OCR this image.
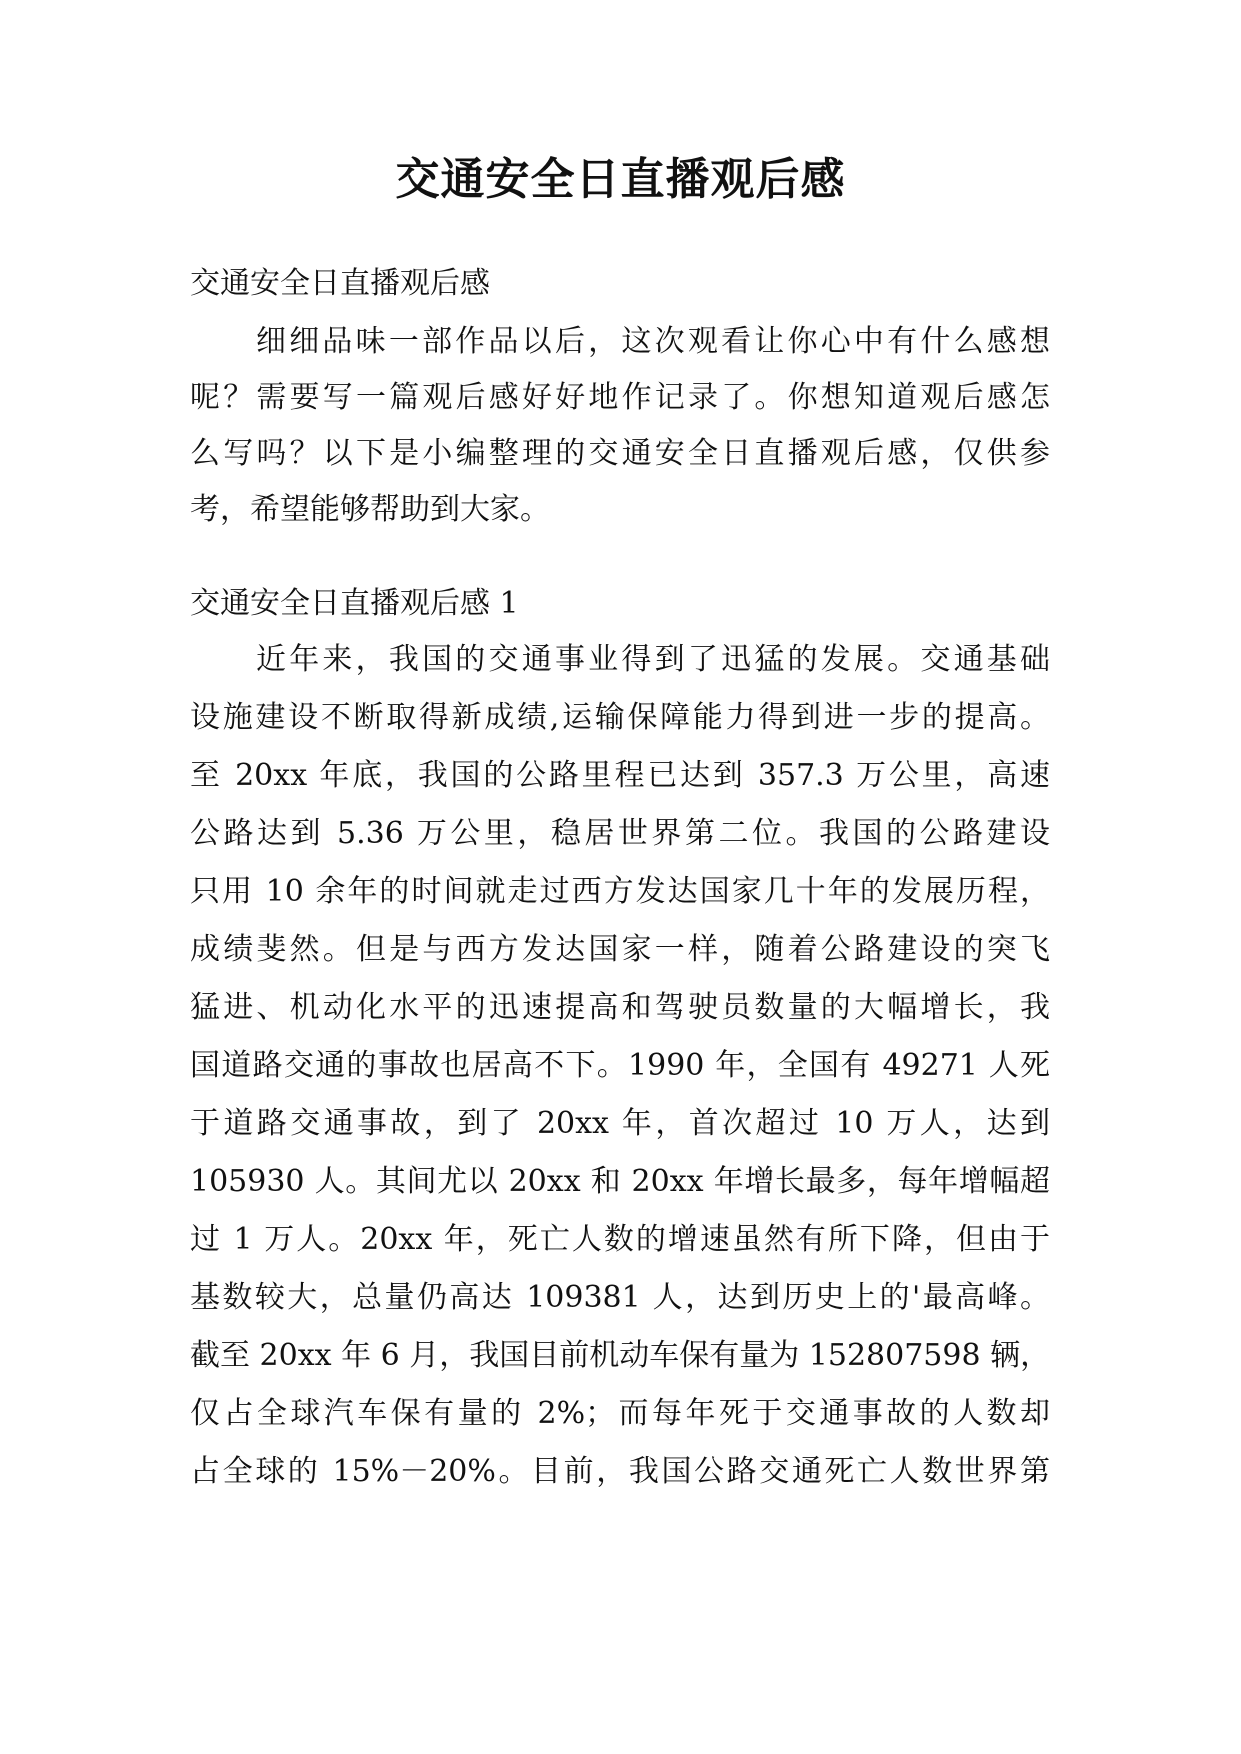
交通安全日直播观后感

交通安全日直播观后感

细细品味一部作品以后，这次观看让你心中有什么感想

呢？需要写一篇观后感好好地作记录了。你想知道观后感怎

么写吗？以下是小编整理的交通安全日直播观后感，仅供参

考，希望能够帮助到大家。

交通安全日直播观后感 1

近年来，我国的交通事业得到了迅猛的发展。交通基础

设施建设不断取得新成绩,运输保障能力得到进一步的提高。

至 20xx 年底，我国的公路里程已达到 357.3 万公里，高速

公路达到 5.36 万公里，稳居世界第二位。我国的公路建设

只用 10 余年的时间就走过西方发达国家几十年的发展历程，

成绩斐然。但是与西方发达国家一样，随着公路建设的突飞

猛进、机动化水平的迅速提高和驾驶员数量的大幅增长，我

国道路交通的事故也居高不下。1990 年，全国有 49271 人死

于道路交通事故，到了 20xx 年，首次超过 10 万人，达到

105930 人。其间尤以 20xx 和 20xx 年增长最多，每年增幅超

过 1 万人。20xx 年，死亡人数的增速虽然有所下降，但由于

基数较大，总量仍高达 109381 人，达到历史上的'最高峰。

截至 20xx 年 6 月，我国目前机动车保有量为 152807598 辆，

仅占全球汽车保有量的 2%；而每年死于交通事故的人数却

占全球的 15%－20%。目前，我国公路交通死亡人数世界第
